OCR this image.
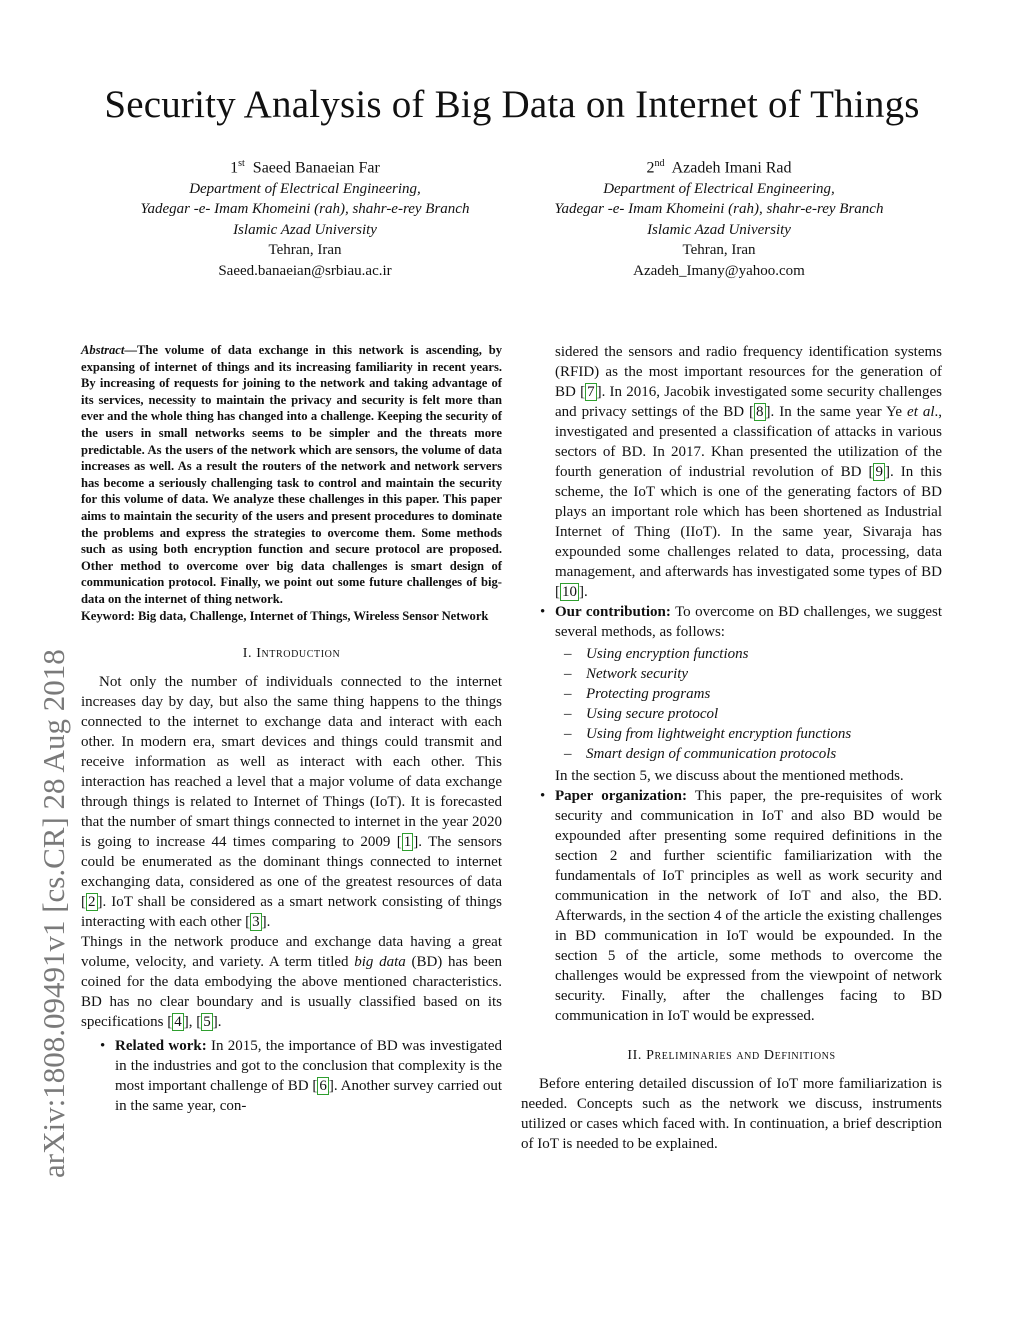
Security Analysis of Big Data on Internet of Things
1st Saeed Banaeian Far
Department of Electrical Engineering,
Yadegar -e- Imam Khomeini (rah), shahr-e-rey Branch
Islamic Azad University
Tehran, Iran
Saeed.banaeian@srbiau.ac.ir
2nd Azadeh Imani Rad
Department of Electrical Engineering,
Yadegar -e- Imam Khomeini (rah), shahr-e-rey Branch
Islamic Azad University
Tehran, Iran
Azadeh_Imany@yahoo.com
arXiv:1808.09491v1 [cs.CR] 28 Aug 2018

Abstract—The volume of data exchange in this network is ascending, by expansing of internet of things and its increasing familiarity in recent years. By increasing of requests for joining to the network and taking advantage of its services, necessity to maintain the privacy and security is felt more than ever and the whole thing has changed into a challenge. Keeping the security of the users in small networks seems to be simpler and the threats more predictable. As the users of the network which are sensors, the volume of data increases as well. As a result the routers of the network and network servers has become a seriously challenging task to control and maintain the security for this volume of data. We analyze these challenges in this paper. This paper aims to maintain the security of the users and present procedures to dominate the problems and express the strategies to overcome them. Some methods such as using both encryption function and secure protocol are proposed. Other method to overcome over big data challenges is smart design of communication protocol. Finally, we point out some future challenges of big-data on the internet of thing network.

Keyword: Big data, Challenge, Internet of Things, Wireless Sensor Network

I. Introduction

Not only the number of individuals connected to the internet increases day by day, but also the same thing happens to the things connected to the internet to exchange data and interact with each other. In modern era, smart devices and things could transmit and receive information as well as interact with each other. This interaction has reached a level that a major volume of data exchange through things is related to Internet of Things (IoT). It is forecasted that the number of smart things connected to internet in the year 2020 is going to increase 44 times comparing to 2009 [ 1 ]. The sensors could be enumerated as the dominant things connected to internet exchanging data, considered as one of the greatest resources of data [ 2 ]. IoT shall be considered as a smart network consisting of things interacting with each other [ 3 ].

Things in the network produce and exchange data having a great volume, velocity, and variety. A term titled big data (BD) has been coined for the data embodying the above mentioned characteristics. BD has no clear boundary and is usually classified based on its specifications [ 4 ], [ 5 ].

• Related work: In 2015, the importance of BD was investigated in the industries and got to the conclusion that complexity is the most important challenge of BD [ 6 ]. Another survey carried out in the same year, con-
sidered the sensors and radio frequency identification systems (RFID) as the most important resources for the generation of BD [ 7 ]. In 2016, Jacobik investigated some security challenges and privacy settings of the BD [ 8 ]. In the same year Ye et al., investigated and presented a classification of attacks in various sectors of BD. In 2017. Khan presented the utilization of the fourth generation of industrial revolution of BD [ 9 ]. In this scheme, the IoT which is one of the generating factors of BD plays an important role which has been shortened as Industrial Internet of Thing (IIoT). In the same year, Sivaraja has expounded some challenges related to data, processing, data management, and afterwards has investigated some types of BD [ 10 ].
• Our contribution: To overcome on BD challenges, we suggest several methods, as follows:
– Using encryption functions
– Network security
– Protecting programs
– Using secure protocol
– Using from lightweight encryption functions
– Smart design of communication protocols

In the section 5, we discuss about the mentioned methods.

• Paper organization: This paper, the pre-requisites of work security and communication in IoT and also BD would be expounded after presenting some required definitions in the section 2 and further scientific familiarization with the fundamentals of IoT principles as well as work security and communication in the network of IoT and also, the BD. Afterwards, in the section 4 of the article the existing challenges in BD communication in IoT would be expounded. In the section 5 of the article, some methods to overcome the challenges would be expressed from the viewpoint of network security. Finally, after the challenges facing to BD communication in IoT would be expressed.
II. Preliminaries and Definitions

Before entering detailed discussion of IoT more familiarization is needed. Concepts such as the network we discuss, instruments utilized or cases which faced with. In continuation, a brief description of IoT is needed to be explained.
